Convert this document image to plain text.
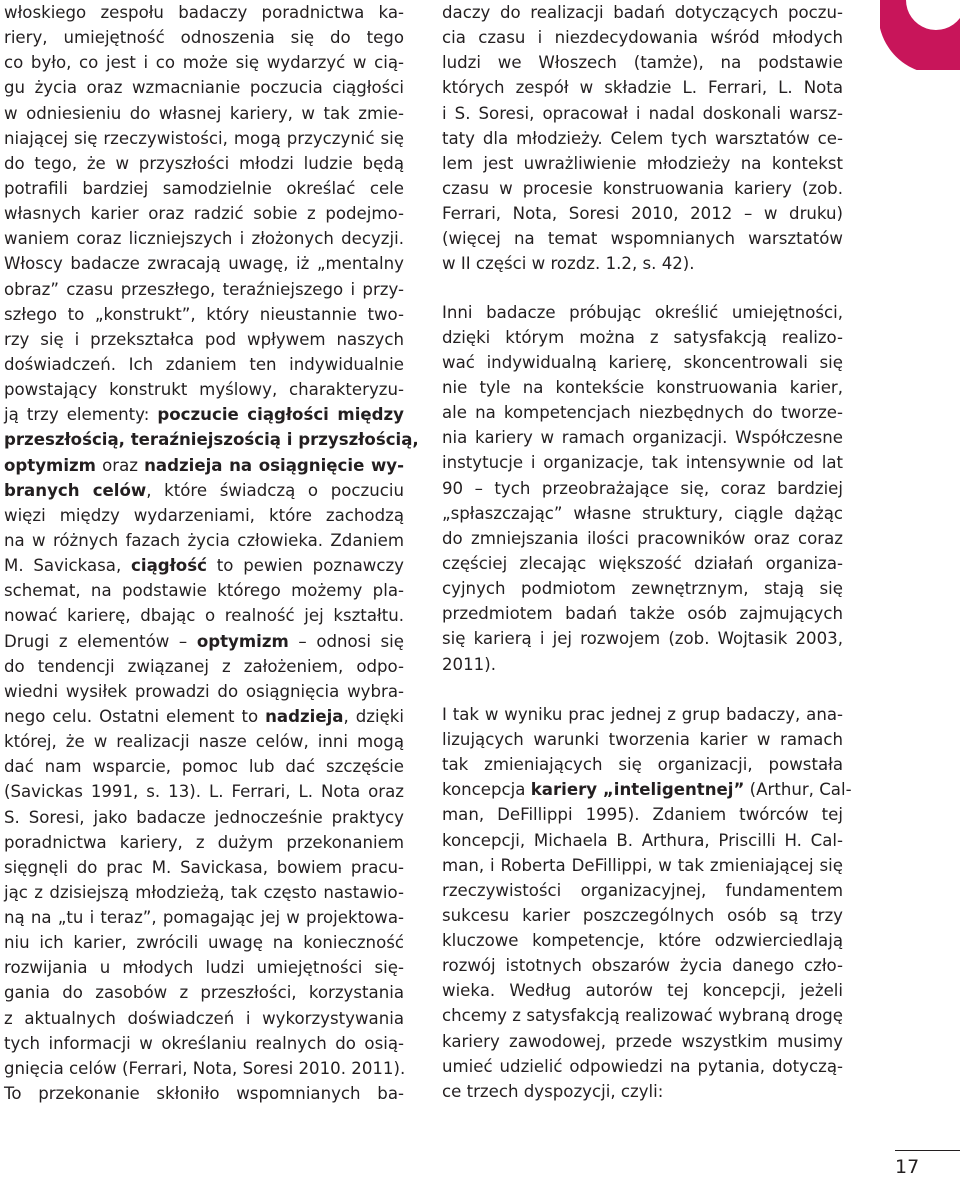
włoskiego zespołu badaczy poradnictwa ka-
riery, umiejętność odnoszenia się do tego
co było, co jest i co może się wydarzyć w cią-
gu życia oraz wzmacnianie poczucia ciągłości
w odniesieniu do własnej kariery, w tak zmie-
niającej się rzeczywistości, mogą przyczynić się
do tego, że w przyszłości młodzi ludzie będą
potrafili bardziej samodzielnie określać cele
własnych karier oraz radzić sobie z podejmo-
waniem coraz liczniejszych i złożonych decyzji.
Włoscy badacze zwracają uwagę, iż „mentalny
obraz” czasu przeszłego, teraźniejszego i przy-
szłego to „konstrukt”, który nieustannie two-
rzy się i przekształca pod wpływem naszych
doświadczeń. Ich zdaniem ten indywidualnie
powstający konstrukt myślowy, charakteryzu-
ją trzy elementy: poczucie ciągłości między
przeszłością, teraźniejszością i przyszłością,
optymizm oraz nadzieja na osiągnięcie wy-
branych celów, które świadczą o poczuciu
więzi między wydarzeniami, które zachodzą
na w różnych fazach życia człowieka. Zdaniem
M. Savickasa, ciągłość to pewien poznawczy
schemat, na podstawie którego możemy pla-
nować karierę, dbając o realność jej kształtu.
Drugi z elementów – optymizm – odnosi się
do tendencji związanej z założeniem, odpo-
wiedni wysiłek prowadzi do osiągnięcia wybra-
nego celu. Ostatni element to nadzieja, dzięki
której, że w realizacji nasze celów, inni mogą
dać nam wsparcie, pomoc lub dać szczęście
(Savickas 1991, s. 13). L. Ferrari, L. Nota oraz
S. Soresi, jako badacze jednocześnie praktycy
poradnictwa kariery, z dużym przekonaniem
sięgnęli do prac M. Savickasa, bowiem pracu-
jąc z dzisiejszą młodzieżą, tak często nastawio-
ną na „tu i teraz”, pomagając jej w projektowa-
niu ich karier, zwrócili uwagę na konieczność
rozwijania u młodych ludzi umiejętności się-
gania do zasobów z przeszłości, korzystania
z aktualnych doświadczeń i wykorzystywania
tych informacji w określaniu realnych do osią-
gnięcia celów (Ferrari, Nota, Soresi 2010. 2011).
To przekonanie skłoniło wspomnianych ba-

daczy do realizacji badań dotyczących poczu-
cia czasu i niezdecydowania wśród młodych
ludzi we Włoszech (tamże), na podstawie
których zespół w składzie L. Ferrari, L. Nota
i S. Soresi, opracował i nadal doskonali warsz-
taty dla młodzieży. Celem tych warsztatów ce-
lem jest uwrażliwienie młodzieży na kontekst
czasu w procesie konstruowania kariery (zob.
Ferrari, Nota, Soresi 2010, 2012 – w druku)
(więcej na temat wspomnianych warsztatów
w II części w rozdz. 1.2, s. 42).

Inni badacze próbując określić umiejętności,
dzięki którym można z satysfakcją realizo-
wać indywidualną karierę, skoncentrowali się
nie tyle na kontekście konstruowania karier,
ale na kompetencjach niezbędnych do tworze-
nia kariery w ramach organizacji. Współczesne
instytucje i organizacje, tak intensywnie od lat
90 – tych przeobrażające się, coraz bardziej
„spłaszczając” własne struktury, ciągle dążąc
do zmniejszania ilości pracowników oraz coraz
częściej zlecając większość działań organiza-
cyjnych podmiotom zewnętrznym, stają się
przedmiotem badań także osób zajmujących
się karierą i jej rozwojem (zob. Wojtasik 2003,
2011).

I tak w wyniku prac jednej z grup badaczy, ana-
lizujących warunki tworzenia karier w ramach
tak zmieniających się organizacji, powstała
koncepcja kariery „inteligentnej” (Arthur, Cal-
man, DeFillippi 1995). Zdaniem twórców tej
koncepcji, Michaela B. Arthura, Priscilli H. Cal-
man, i Roberta DeFillippi, w tak zmieniającej się
rzeczywistości organizacyjnej, fundamentem
sukcesu karier poszczególnych osób są trzy
kluczowe kompetencje, które odzwierciedlają
rozwój istotnych obszarów życia danego czło-
wieka. Według autorów tej koncepcji, jeżeli
chcemy z satysfakcją realizować wybraną drogę
kariery zawodowej, przede wszystkim musimy
umieć udzielić odpowiedzi na pytania, dotyczą-
ce trzech dyspozycji, czyli:

17
